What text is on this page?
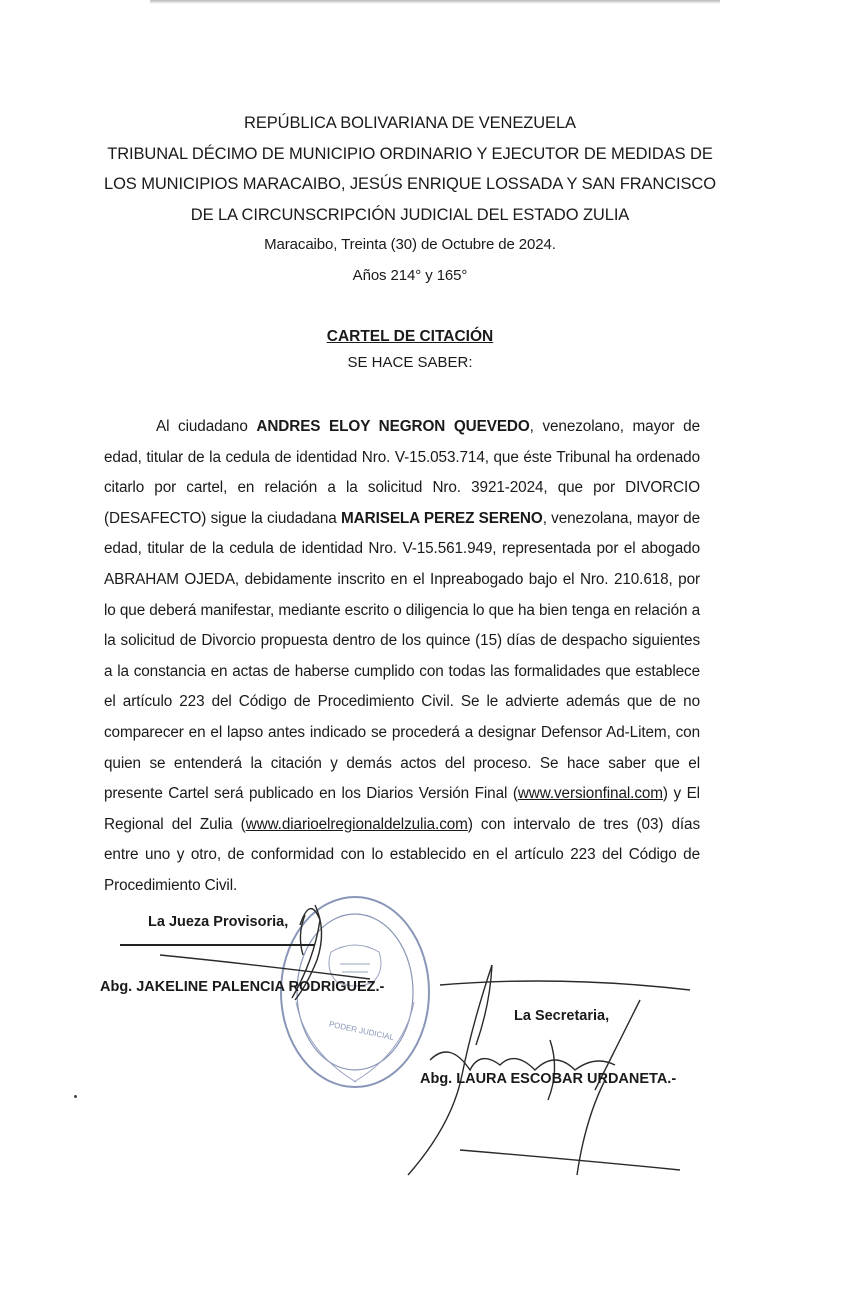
REPÚBLICA BOLIVARIANA DE VENEZUELA
TRIBUNAL DÉCIMO DE MUNICIPIO ORDINARIO Y EJECUTOR DE MEDIDAS DE
LOS MUNICIPIOS MARACAIBO, JESÚS ENRIQUE LOSSADA Y SAN FRANCISCO
DE LA CIRCUNSCRIPCIÓN JUDICIAL DEL ESTADO ZULIA
Maracaibo, Treinta (30) de Octubre de 2024.
Años 214° y 165°
CARTEL DE CITACIÓN
SE HACE SABER:

Al ciudadano ANDRES ELOY NEGRON QUEVEDO, venezolano, mayor de edad, titular de la cedula de identidad Nro. V-15.053.714, que éste Tribunal ha ordenado citarlo por cartel, en relación a la solicitud Nro. 3921-2024, que por DIVORCIO (DESAFECTO) sigue la ciudadana MARISELA PEREZ SERENO, venezolana, mayor de edad, titular de la cedula de identidad Nro. V-15.561.949, representada por el abogado ABRAHAM OJEDA, debidamente inscrito en el Inpreabogado bajo el Nro. 210.618, por lo que deberá manifestar, mediante escrito o diligencia lo que ha bien tenga en relación a la solicitud de Divorcio propuesta dentro de los quince (15) días de despacho siguientes a la constancia en actas de haberse cumplido con todas las formalidades que establece el artículo 223 del Código de Procedimiento Civil. Se le advierte además que de no comparecer en el lapso antes indicado se procederá a designar Defensor Ad-Litem, con quien se entenderá la citación y demás actos del proceso. Se hace saber que el presente Cartel será publicado en los Diarios Versión Final (www.versionfinal.com) y El Regional del Zulia (www.diarioelregionaldelzulia.com) con intervalo de tres (03) días entre uno y otro, de conformidad con lo establecido en el artículo 223 del Código de Procedimiento Civil.

PODER JUDICIAL
La Jueza Provisoria,
Abg. JAKELINE PALENCIA RODRIGUEZ.-
La Secretaria,
Abg. LAURA ESCOBAR URDANETA.-
